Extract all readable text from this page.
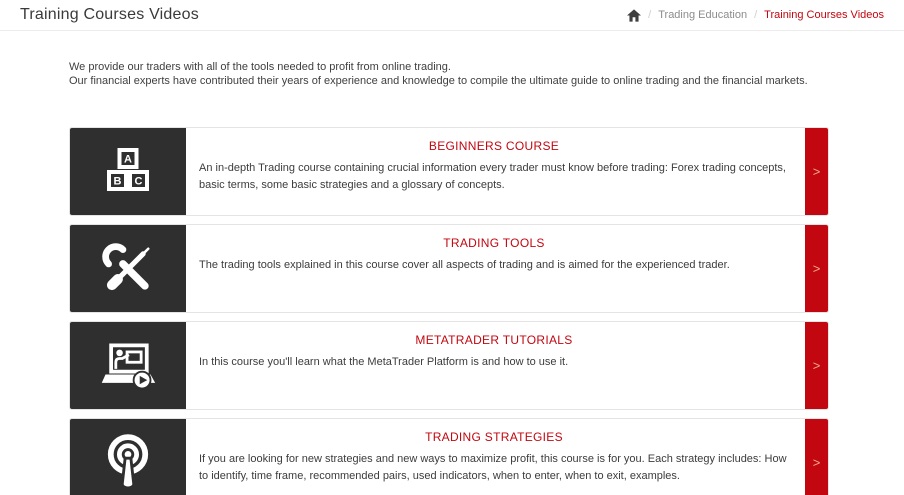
Training Courses Videos	/ Trading Education / Training Courses Videos
We provide our traders with all of the tools needed to profit from online trading.
Our financial experts have contributed their years of experience and knowledge to compile the ultimate guide to online trading and the financial markets.
A
B C
BEGINNERS COURSE
An in-depth Trading course containing crucial information every trader must know before trading: Forex trading concepts, basic terms, some basic strategies and a glossary of concepts.
>
TRADING TOOLS
The trading tools explained in this course cover all aspects of trading and is aimed for the experienced trader.	>
METATRADER TUTORIALS
In this course you'll learn what the MetaTrader Platform is and how to use it.	>
TRADING STRATEGIES
If you are looking for new strategies and new ways to maximize profit, this course is for you. Each strategy includes: How to identify, time frame, recommended pairs, used indicators, when to enter, when to exit, examples.
>
